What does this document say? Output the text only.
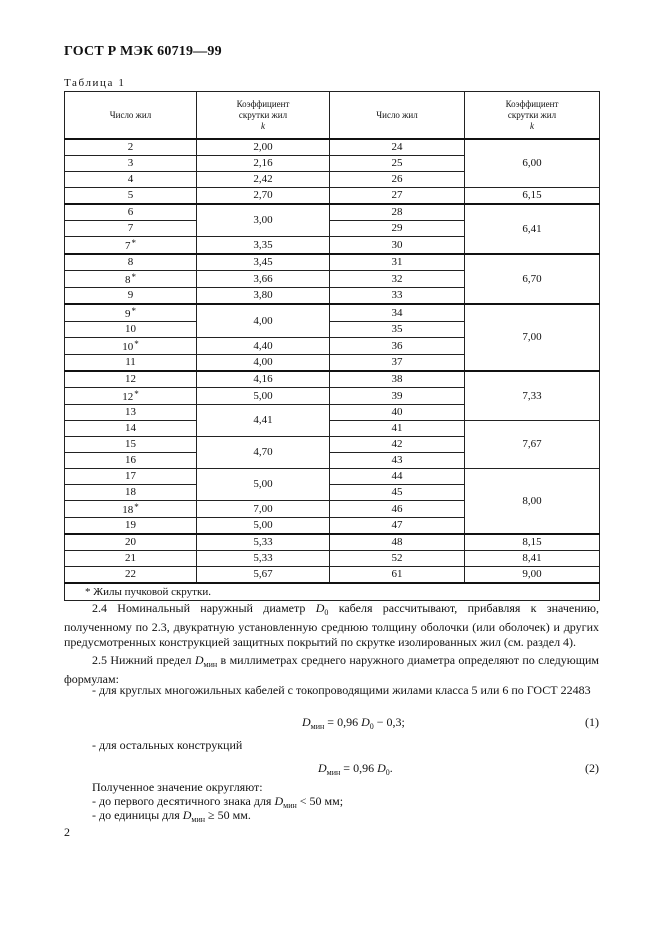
ГОСТ Р МЭК 60719—99
Таблица 1
Число жил	Коэффициент
скрутки жил
k	Число жил	Коэффициент
скрутки жил
k
2	2,00	24	6,00
3	2,16	25	
4	2,42	26	
5	2,70	27	6,15
6	3,00	28	6,41
7		29	
7*	3,35	30	
8	3,45	31	6,70
8*	3,66	32	
9	3,80	33	
9*	4,00	34	7,00
10		35	
10*	4,40	36	
11	4,00	37	
12	4,16	38	7,33
12*	5,00	39	
13	4,41	40	
14		41	7,67
15	4,70	42	
16		43	
17	5,00	44	8,00
18		45	
18*	7,00	46	
19	5,00	47	
20	5,33	48	8,15
21	5,33	52	8,41
22	5,67	61	9,00
* Жилы пучковой скрутки.			
2.4 Номинальный наружный диаметр $D_0$ кабеля рассчитывают, прибавляя к значению, полученному по 2.3, двукратную установленную среднюю толщину оболочки (или оболочек) и других предусмотренных конструкцией защитных покрытий по скрутке изолированных жил (см. раздел 4).
2.5 Нижний предел $D_{мин}$ в миллиметрах среднего наружного диаметра определяют по следующим формулам:
- для круглых многожильных кабелей с токопроводящими жилами класса 5 или 6 по ГОСТ 22483
$D_{мин} = 0,96$ $D_0 - 0,3$;	(1)
- для остальных конструкций
$D_{мин} = 0,96$ $D_0$.	(2)
Полученное значение округляют:
- до первого десятичного знака для $D_{мин} < 50$ мм;
- до единицы для $D_{мин} \ge 50$ мм.
2
